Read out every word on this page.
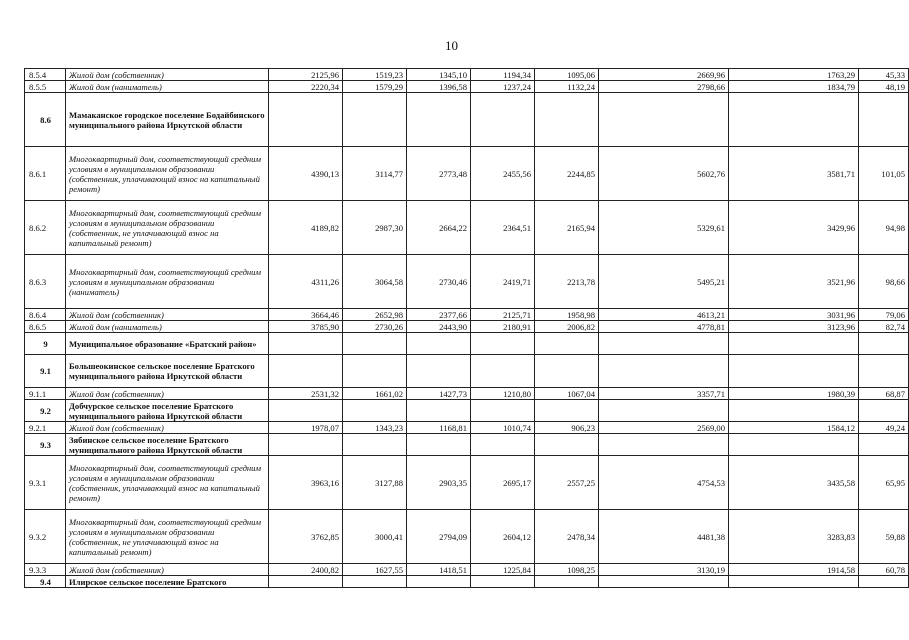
10
8.5.4	Жилой дом (собственник)	2125,96	1519,23	1345,10	1194,34	1095,06	2669,96	1763,29	45,33
8.5.5	Жилой дом (наниматель)	2220,34	1579,29	1396,58	1237,24	1132,24	2798,66	1834,79	48,19
8.6	Мамаканское городское поселение Бодайбинского муниципального района Иркутской области								
8.6.1	Многоквартирный дом, соответствующий средним условиям в муниципальном образовании (собственник, уплачивающий взнос на капитальный ремонт)	4390,13	3114,77	2773,48	2455,56	2244,85	5602,76	3581,71	101,05
8.6.2	Многоквартирный дом, соответствующий средним условиям в муниципальном образовании (собственник, не уплачивающий взнос на капитальный ремонт)	4189,82	2987,30	2664,22	2364,51	2165,94	5329,61	3429,96	94,98
8.6.3	Многоквартирный дом, соответствующий средним условиям в муниципальном образовании (наниматель)	4311,26	3064,58	2730,46	2419,71	2213,78	5495,21	3521,96	98,66
8.6.4	Жилой дом (собственник)	3664,46	2652,98	2377,66	2125,71	1958,98	4613,21	3031,96	79,06
8.6.5	Жилой дом (наниматель)	3785,90	2730,26	2443,90	2180,91	2006,82	4778,81	3123,96	82,74
9	Муниципальное образование «Братский район»								
9.1	Большеокинское сельское поселение Братского муниципального района Иркутской области								
9.1.1	Жилой дом (собственник)	2531,32	1661,02	1427,73	1210,80	1067,04	3357,71	1980,39	68,87
9.2	Добчурское сельское поселение Братского муниципального района Иркутской области								
9.2.1	Жилой дом (собственник)	1978,07	1343,23	1168,81	1010,74	906,23	2569,00	1584,12	49,24
9.3	Зябинское сельское поселение Братского муниципального района Иркутской области								
9.3.1	Многоквартирный дом, соответствующий средним условиям в муниципальном образовании (собственник, уплачивающий взнос на капитальный ремонт)	3963,16	3127,88	2903,35	2695,17	2557,25	4754,53	3435,58	65,95
9.3.2	Многоквартирный дом, соответствующий средним условиям в муниципальном образовании (собственник, не уплачивающий взнос на капитальный ремонт)	3762,85	3000,41	2794,09	2604,12	2478,34	4481,38	3283,83	59,88
9.3.3	Жилой дом (собственник)	2400,82	1627,55	1418,51	1225,84	1098,25	3130,19	1914,58	60,78
9.4	Илирское сельское поселение Братского								
